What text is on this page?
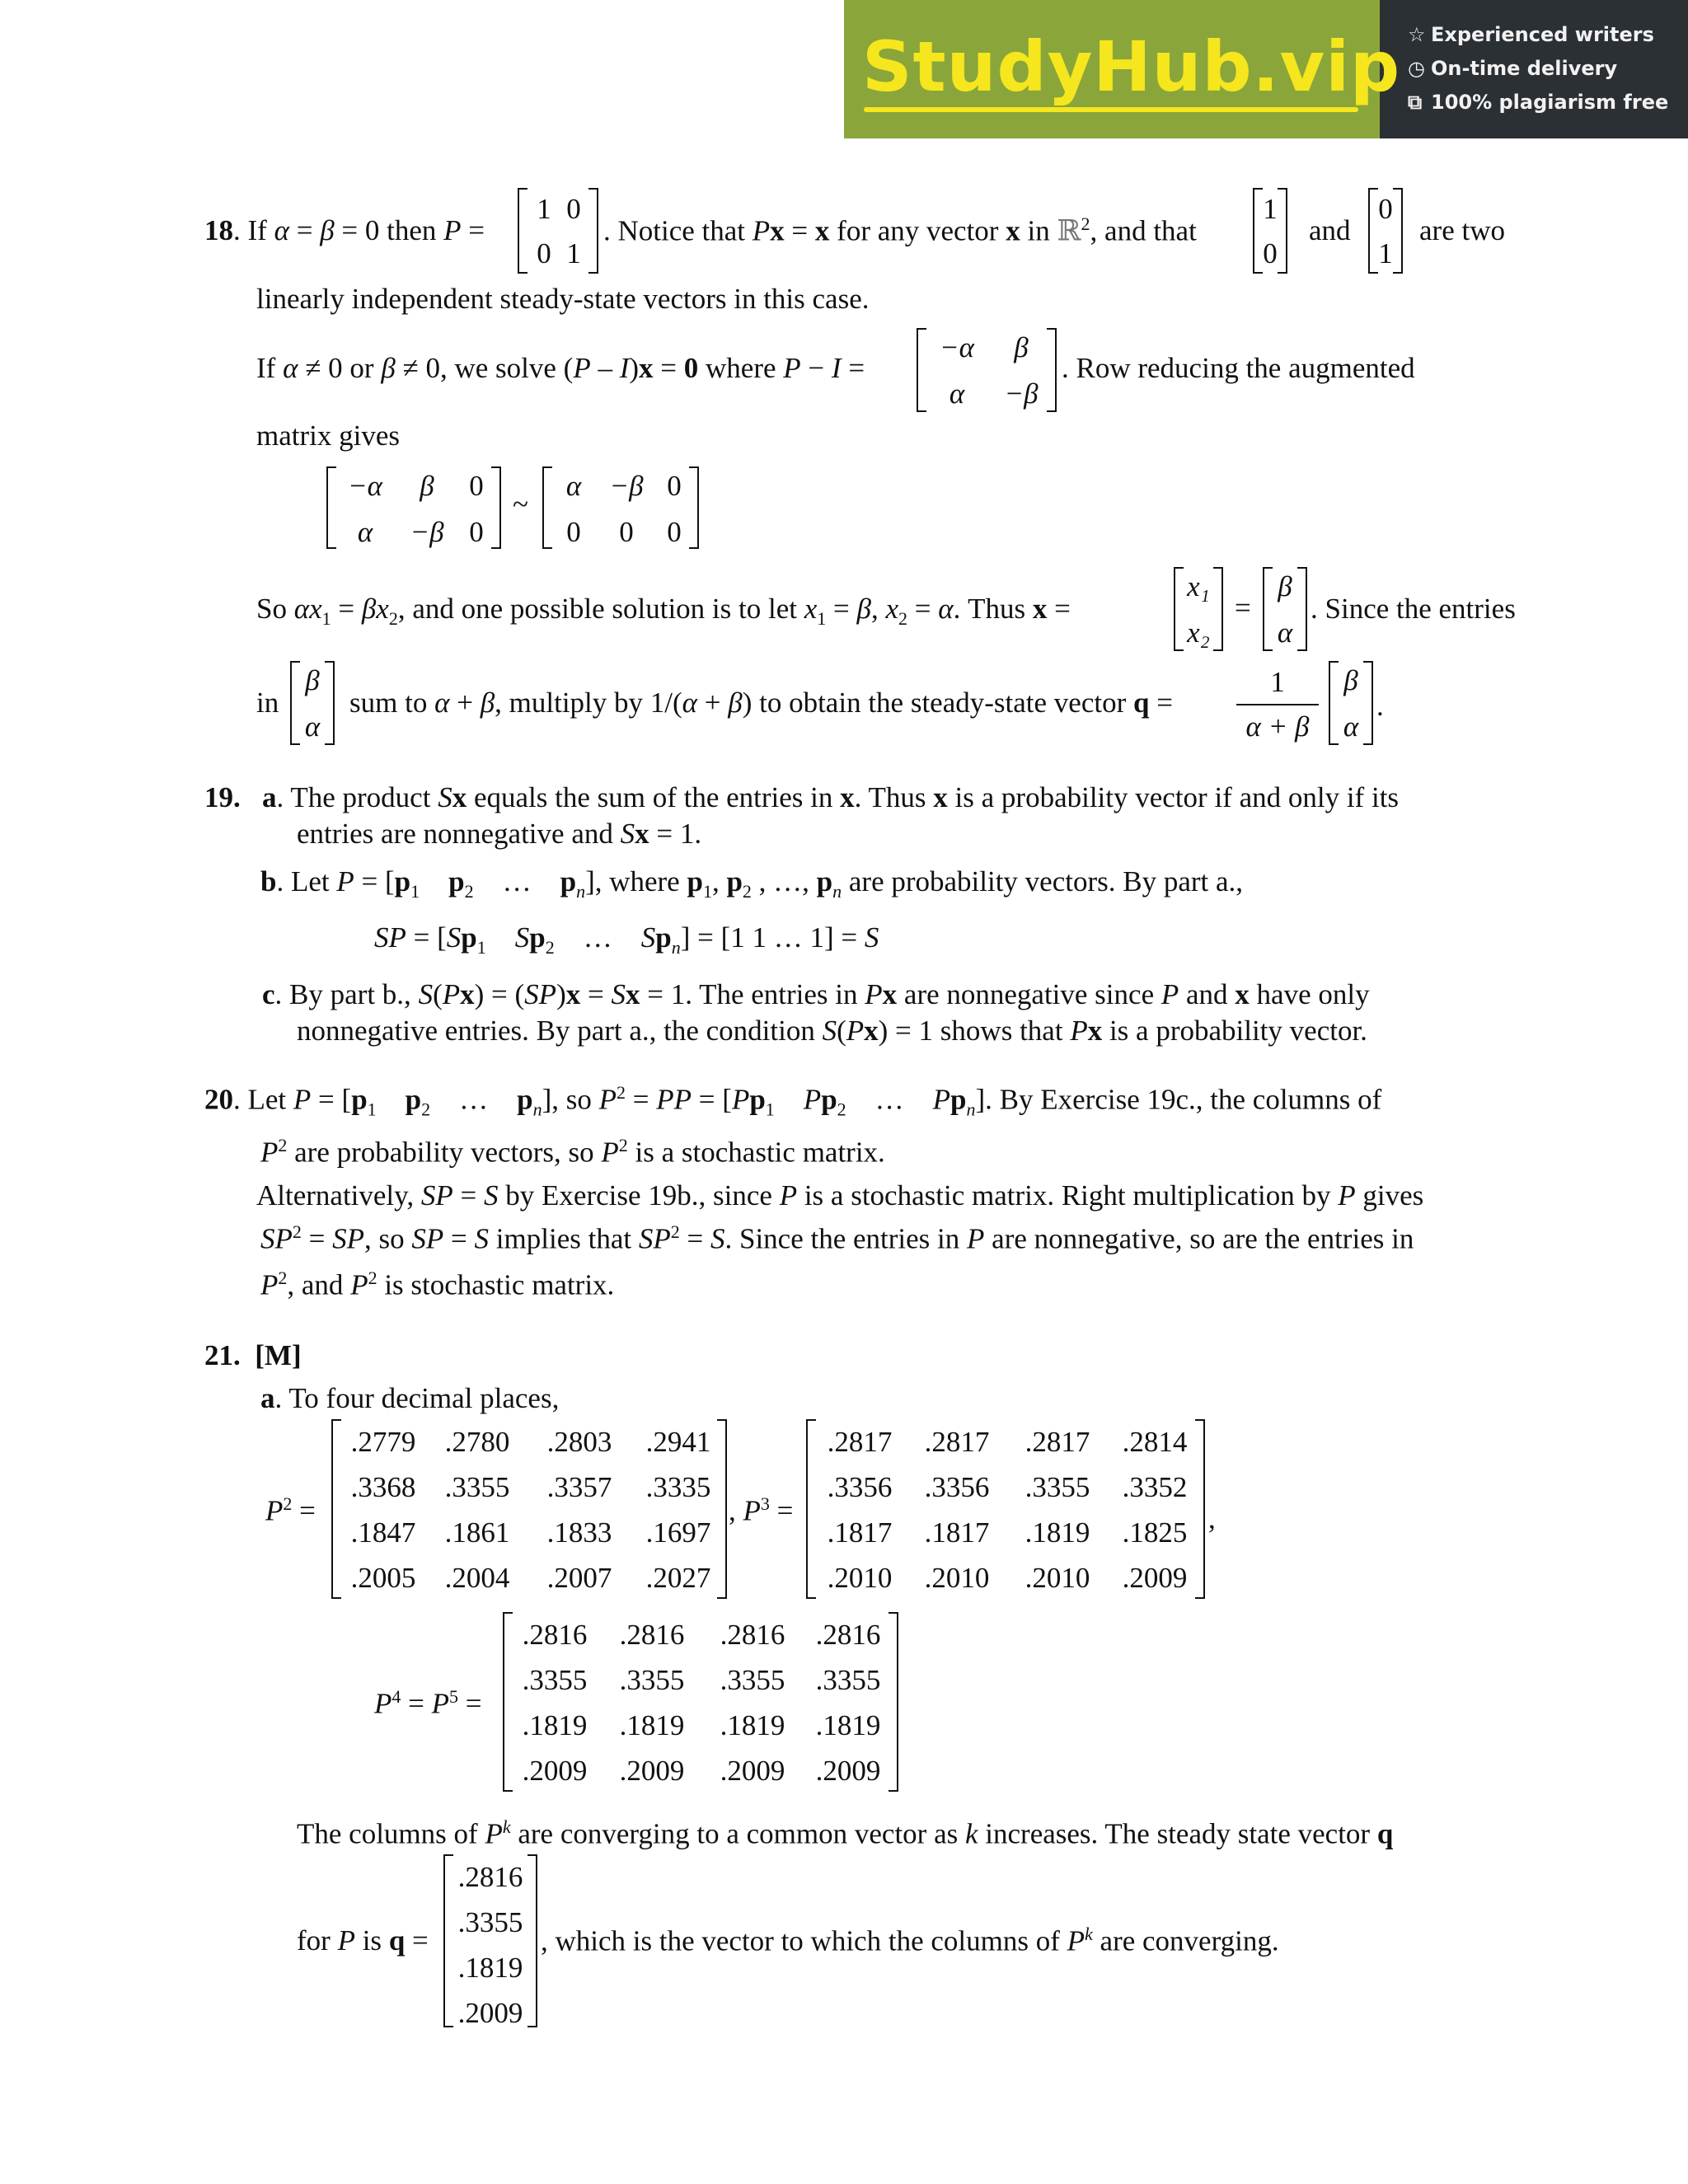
StudyHub.vip ☆ Experienced writers
◷ On-time delivery
⧉ 100% plagiarism free
18. If α = β = 0 then P =
1 0
0 1
. Notice that Px = x for any vector x in ℝ$^2$, and that
1
0
and
0
1
are two
linearly independent steady-state vectors in this case.
If α ≠ 0 or β ≠ 0, we solve (P – I)x = 0 where P − I =
−α	β
α	−β
. Row reducing the augmented
matrix gives
−α	β	0
α	−β 0
~
α −β 0
0	0	0
So $\alpha x_1 = \beta x_2$, and one possible solution is to let $x_1 = \beta$, $x_2 = \alpha$. Thus x =
x₁
x₂
=
β
α
. Since the entries
in
β
α
sum to α + β, multiply by 1/(α + β) to obtain the steady-state vector q =
1
α + β
β
α
.
19. a. The product Sx equals the sum of the entries in x. Thus x is a probability vector if and only if its
entries are nonnegative and Sx = 1.
b. Let $P = [p_1$ $p_2$ … $p_n$], where $p_1$, $p_2$ , …, $p_n$ are probability vectors. By part a.,
SP = [$Sp_1$ $Sp_2$ … $Sp_n] = [1$ 1 … 1] = S
c. By part b., S(Px) = (SP)x = Sx = 1. The entries in Px are nonnegative since P and x have only
nonnegative entries. By part a., the condition S(Px) = 1 shows that Px is a probability vector.
20. Let $P = [p_1$ $p_2$ … $p_n$], so $P^2$ = PP = [$Pp_1$ $Pp_2$ … $Pp_n$]. By Exercise 19c., the columns of
$P^2$ are probability vectors, so $P^2$ is a stochastic matrix.
Alternatively, SP = S by Exercise 19b., since P is a stochastic matrix. Right multiplication by P gives
$SP^2$ = SP, so SP = S implies that $SP^2 = S$. Since the entries in P are nonnegative, so are the entries in
$P^2$, and $P^2$ is stochastic matrix.
21. [M]
a. To four decimal places,
$P^2$ =
.2779	.2780	.2803	.2941
.3368	.3355	.3357	.3335
.1847	.1861	.1833	.1697
.2005	.2004	.2007	.2027
, $P^3$ =
.2817	.2817	.2817	.2814
.3356	.3356	.3355	.3352
.1817	.1817	.1819	.1825
.2010	.2010	.2010	.2009
,
$P^4 = P^5$ =
.2816	.2816	.2816	.2816
.3355	.3355	.3355	.3355
.1819	.1819	.1819	.1819
.2009	.2009	.2009	.2009
The columns of $P^k$ are converging to a common vector as k increases. The steady state vector q
for P is q =
.2816
.3355
.1819
.2009
, which is the vector to which the columns of $P^k$ are converging.
